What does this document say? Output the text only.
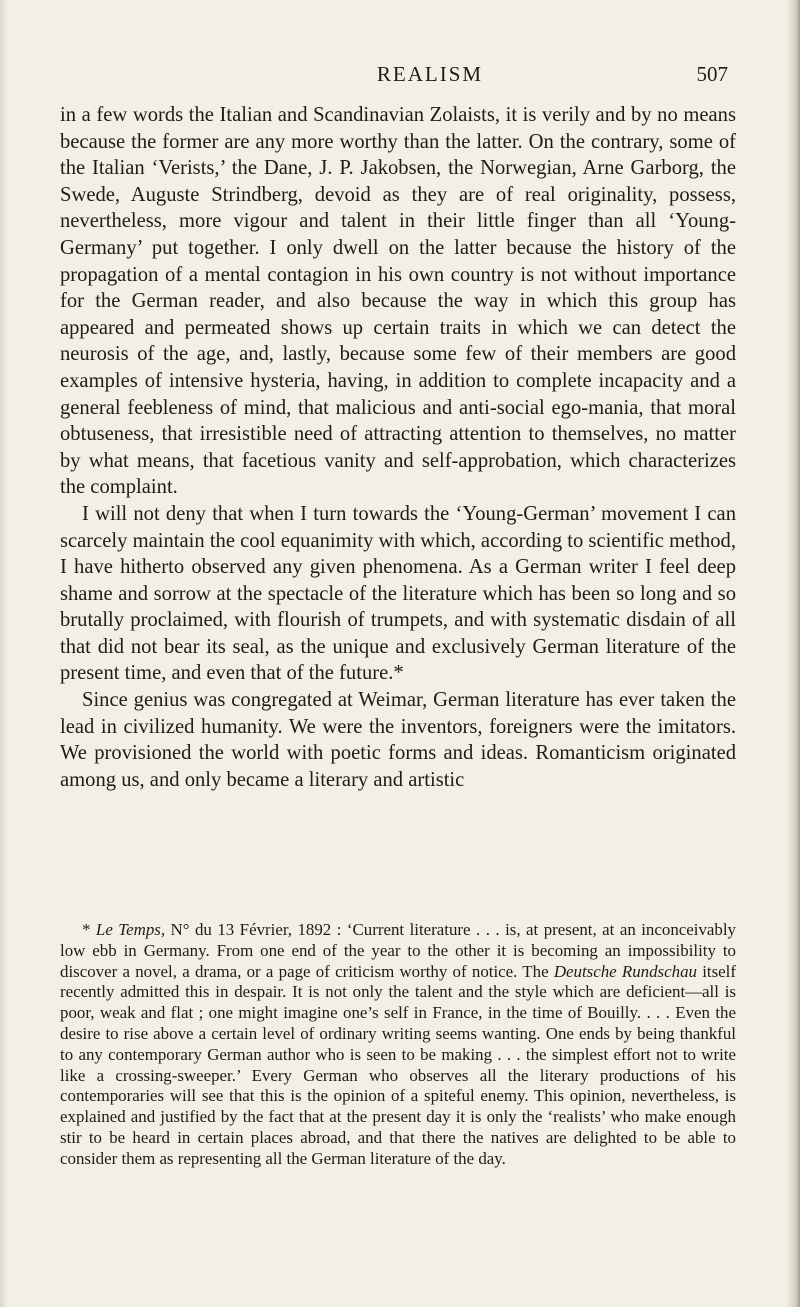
REALISM	507

in a few words the Italian and Scandinavian Zolaists, it is verily and by no means because the former are any more worthy than the latter. On the contrary, some of the Italian ‘Verists,’ the Dane, J. P. Jakobsen, the Norwegian, Arne Garborg, the Swede, Auguste Strindberg, devoid as they are of real originality, possess, nevertheless, more vigour and talent in their little finger than all ‘Young-Germany’ put together. I only dwell on the latter because the history of the propagation of a mental contagion in his own country is not without importance for the German reader, and also because the way in which this group has appeared and permeated shows up certain traits in which we can detect the neurosis of the age, and, lastly, because some few of their members are good examples of intensive hysteria, having, in addition to complete incapacity and a general feebleness of mind, that malicious and anti-social ego-mania, that moral obtuseness, that irresistible need of attracting attention to themselves, no matter by what means, that facetious vanity and self-approbation, which characterizes the complaint.

I will not deny that when I turn towards the ‘Young-German’ movement I can scarcely maintain the cool equanimity with which, according to scientific method, I have hitherto observed any given phenomena. As a German writer I feel deep shame and sorrow at the spectacle of the literature which has been so long and so brutally proclaimed, with flourish of trumpets, and with systematic disdain of all that did not bear its seal, as the unique and exclusively German literature of the present time, and even that of the future.*

Since genius was congregated at Weimar, German literature has ever taken the lead in civilized humanity. We were the inventors, foreigners were the imitators. We provisioned the world with poetic forms and ideas. Romanticism originated among us, and only became a literary and artistic

* Le Temps, N° du 13 Février, 1892 : ‘Current literature . . . is, at present, at an inconceivably low ebb in Germany. From one end of the year to the other it is becoming an impossibility to discover a novel, a drama, or a page of criticism worthy of notice. The Deutsche Rundschau itself recently admitted this in despair. It is not only the talent and the style which are deficient—all is poor, weak and flat ; one might imagine one’s self in France, in the time of Bouilly. . . . Even the desire to rise above a certain level of ordinary writing seems wanting. One ends by being thankful to any contemporary German author who is seen to be making . . . the simplest effort not to write like a crossing-sweeper.’ Every German who observes all the literary productions of his contemporaries will see that this is the opinion of a spiteful enemy. This opinion, nevertheless, is explained and justified by the fact that at the present day it is only the ‘realists’ who make enough stir to be heard in certain places abroad, and that there the natives are delighted to be able to consider them as representing all the German literature of the day.
